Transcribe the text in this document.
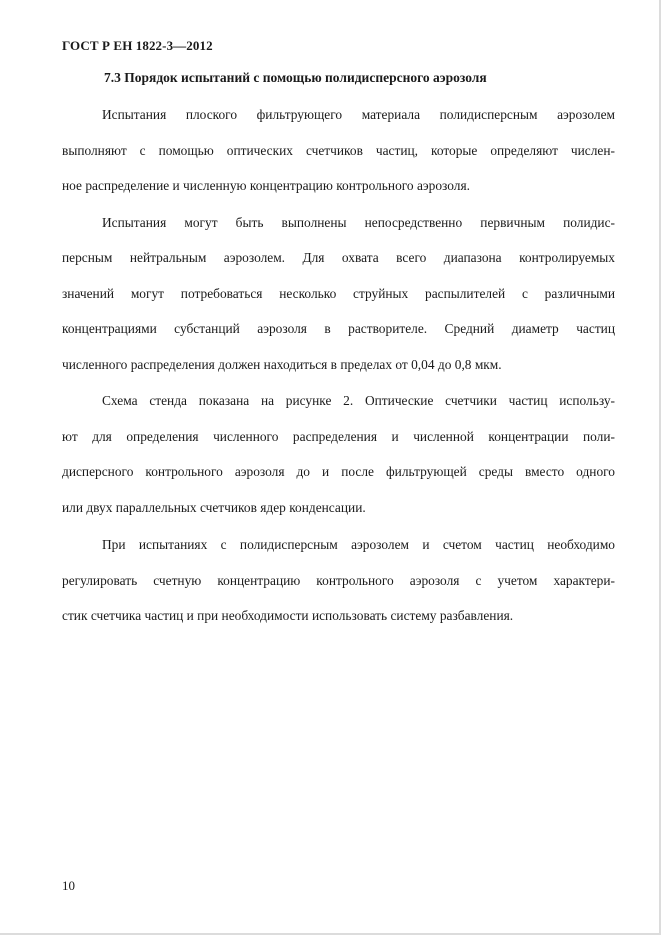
ГОСТ Р ЕН 1822-3—2012
7.3 Порядок испытаний с помощью полидисперсного аэрозоля
Испытания плоского фильтрующего материала полидисперсным аэрозолем
выполняют с помощью оптических счетчиков частиц, которые определяют числен-
ное распределение и численную концентрацию контрольного аэрозоля.
Испытания могут быть выполнены непосредственно первичным полидис-
персным нейтральным аэрозолем. Для охвата всего диапазона контролируемых
значений могут потребоваться несколько струйных распылителей с различными
концентрациями субстанций аэрозоля в растворителе. Средний диаметр частиц
численного распределения должен находиться в пределах от 0,04 до 0,8 мкм.
Схема стенда показана на рисунке 2. Оптические счетчики частиц использу-
ют для определения численного распределения и численной концентрации поли-
дисперсного контрольного аэрозоля до и после фильтрующей среды вместо одного
или двух параллельных счетчиков ядер конденсации.
При испытаниях с полидисперсным аэрозолем и счетом частиц необходимо
регулировать счетную концентрацию контрольного аэрозоля с учетом характери-
стик счетчика частиц и при необходимости использовать систему разбавления.
10
